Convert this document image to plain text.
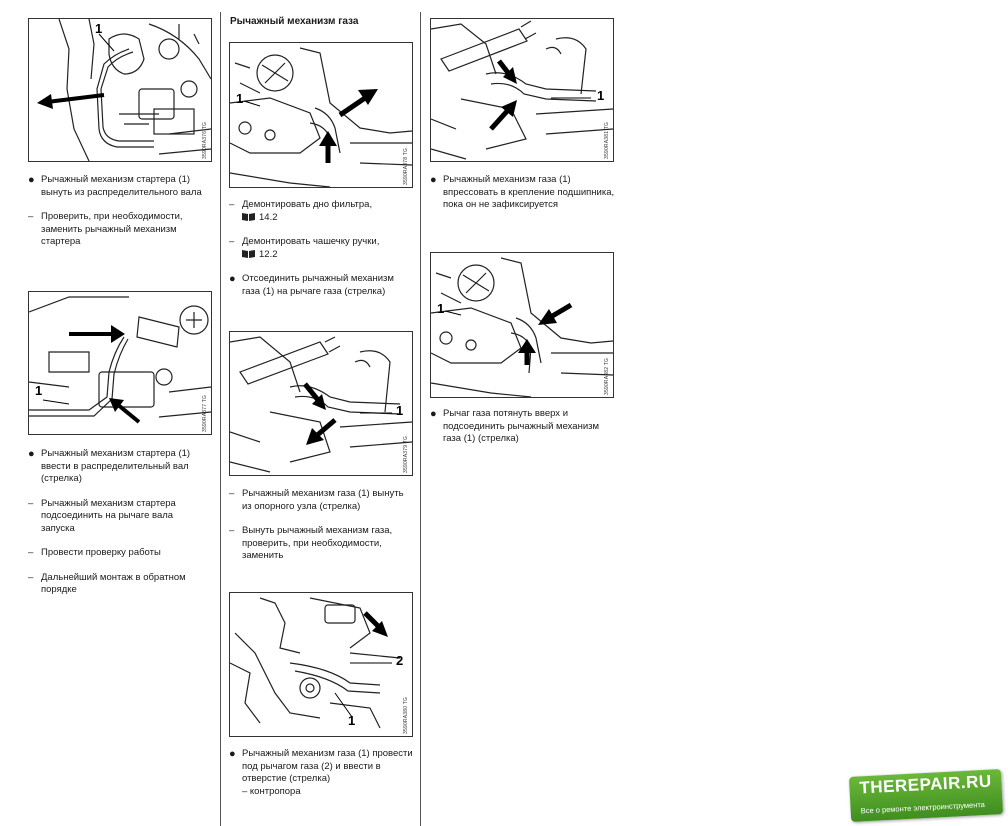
Рычажный механизм газа
1
3590RA376 TG
● Рычажный механизм стартера (1) вынуть из распределительного вала
– Проверить, при необходимости, заменить рычажный механизм стартера
1
3590RA377 TG
● Рычажный механизм стартера (1) ввести в распределительный вал (стрелка)
– Рычажный механизм стартера подсоединить на рычаге вала запуска
– Провести проверку работы
– Дальнейший монтаж в обратном порядке
1
3590RA378 TG
– Демонтировать дно фильтра,
14.2
– Демонтировать чашечку ручки,
12.2
● Отсоединить рычажный механизм газа (1) на рычаге газа (стрелка)
1
3590RA379 TG
– Рычажный механизм газа (1) вынуть из опорного узла (стрелка)
– Вынуть рычажный механизм газа, проверить, при необходимости, заменить
2
1	3590RA380 TG
● Рычажный механизм газа (1) провести под рычагом газа (2) и ввести в отверстие (стрелка)
– контропора
1
3590RA381 TG
● Рычажный механизм газа (1) впрессовать в крепление подшипника, пока он не зафиксируется
1
3590RA382 TG
● Рычаг газа потянуть вверх и подсоединить рычажный механизм газа (1) (стрелка)
THEREPAIR.RU
Все о ремонте электроинструмента
